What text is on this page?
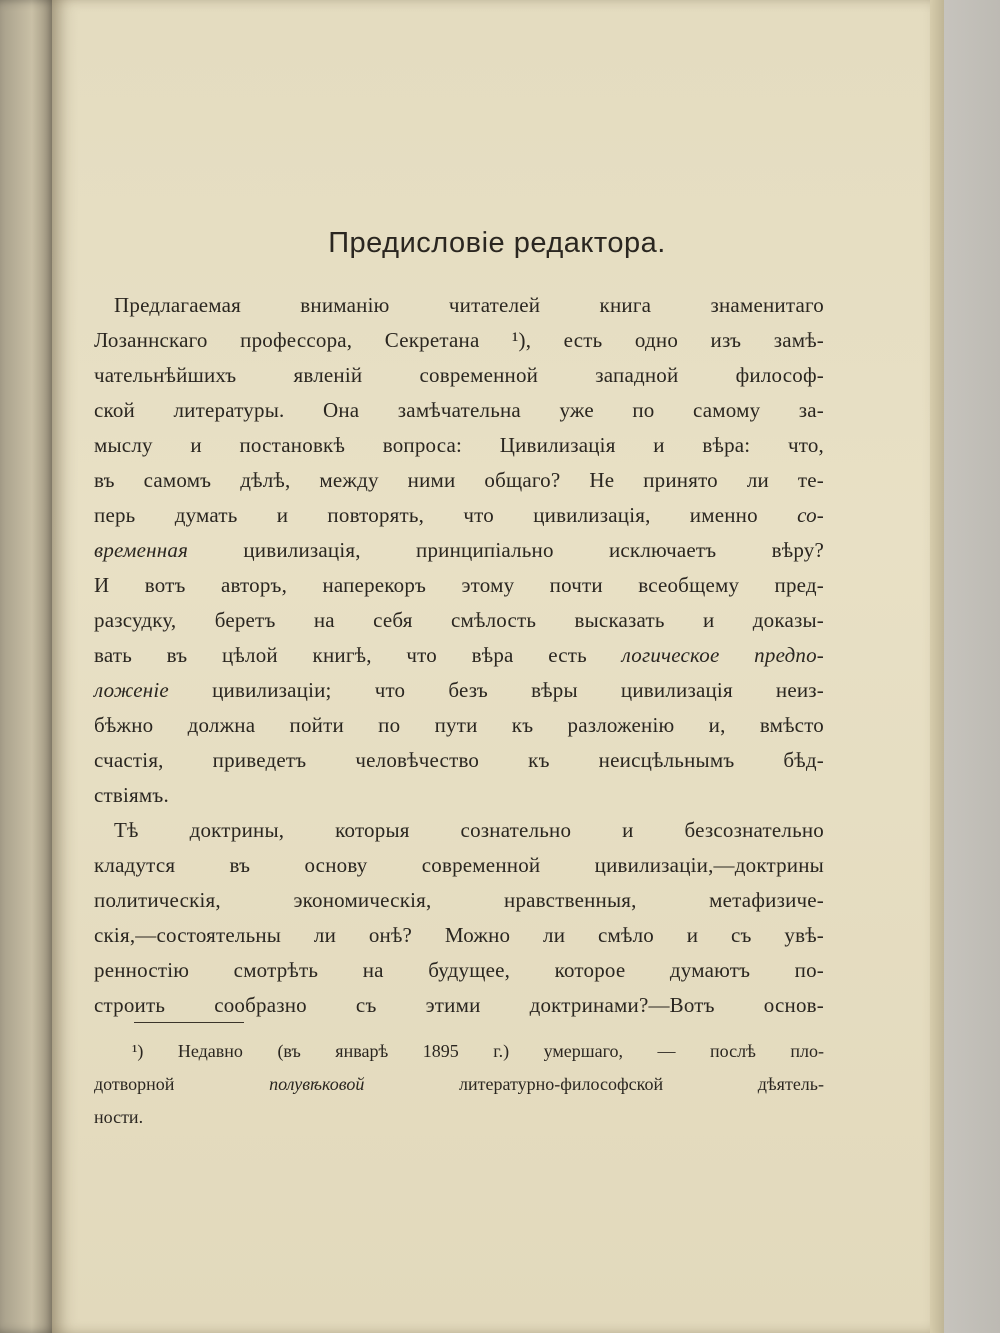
Предисловіе редактора.
Предлагаемая вниманію читателей книга знаменитаго
Лозаннскаго профессора, Секретана ¹), есть одно изъ замѣ-
чательнѣйшихъ явленій современной западной философ-
ской литературы. Она замѣчательна уже по самому за-
мыслу и постановкѣ вопроса: Цивилизація и вѣра: что,
въ самомъ дѣлѣ, между ними общаго? Не принято ли те-
перь думать и повторять, что цивилизація, именно со-
временная	цивилизація, принципіально исключаетъ вѣру?
И вотъ авторъ, наперекоръ этому почти всеобщему пред-
разсудку, беретъ на себя смѣлость высказать и доказы-
вать въ цѣлой книгѣ, что вѣра есть логическое предпо-
ложеніе цивилизаціи; что безъ вѣры цивилизація неиз-
бѣжно должна пойти по пути къ разложенію и, вмѣсто
счастія, приведетъ человѣчество къ неисцѣльнымъ бѣд-
ствіямъ.
Тѣ доктрины, которыя сознательно и безсознательно
кладутся въ основу современной цивилизаціи,—доктрины
политическія, экономическія, нравственныя, метафизиче-
скія,—состоятельны ли онѣ? Можно ли смѣло и съ увѣ-
ренностію смотрѣть на будущее, которое думаютъ по-
строить сообразно съ этими доктринами?—Вотъ основ-
¹) Недавно (въ январѣ 1895 г.) умершаго, — послѣ пло-
дотворной	полувѣковой	литературно-философской дѣятель-
ности.
